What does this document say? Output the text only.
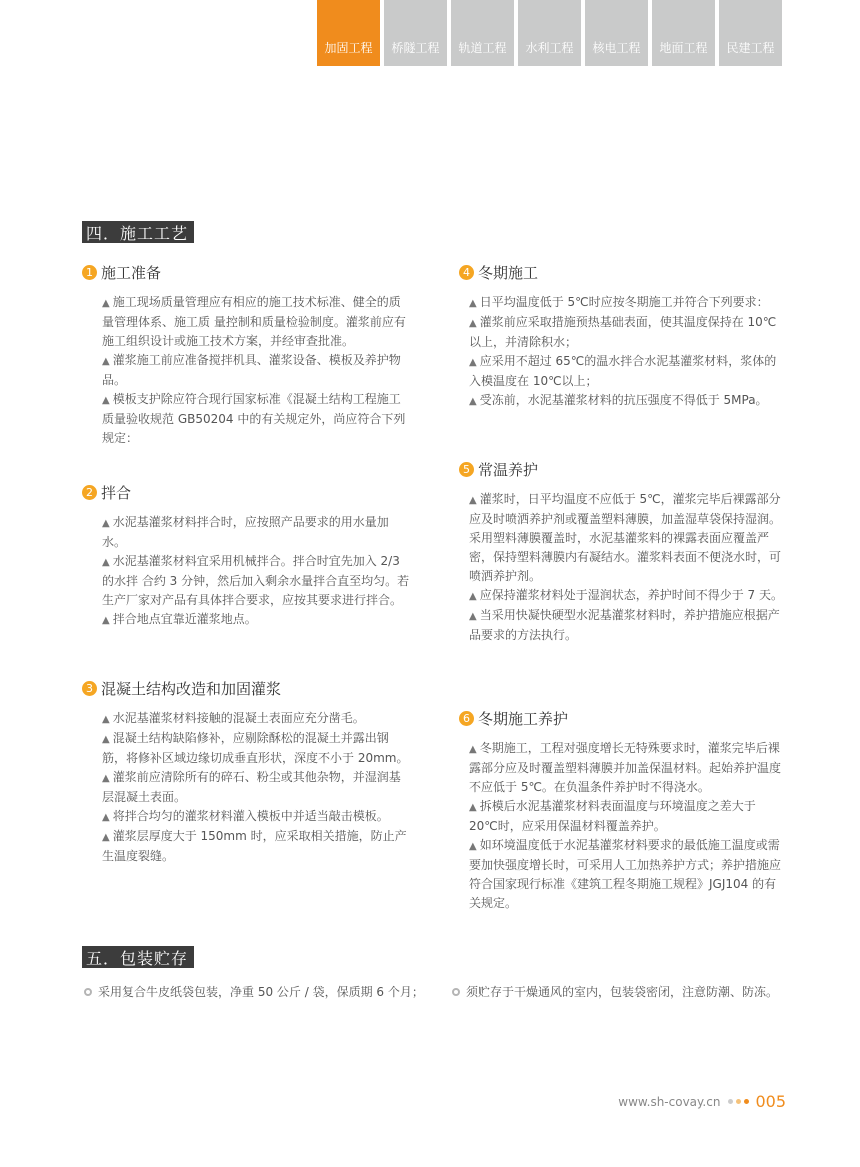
加固工程	桥隧工程	轨道工程	水利工程	核电工程	地面工程	民建工程
四．施工工艺
1 施工准备

▲ 施工现场质量管理应有相应的施工技术标准、健全的质量管理体系、施工质 量控制和质量检验制度。灌浆前应有施工组织设计或施工技术方案，并经审查批准。

▲ 灌浆施工前应准备搅拌机具、灌浆设备、模板及养护物品。

▲ 模板支护除应符合现行国家标准《混凝土结构工程施工质量验收规范 GB50204 中的有关规定外，尚应符合下列规定：

2 拌合

▲ 水泥基灌浆材料拌合时，应按照产品要求的用水量加水。

▲ 水泥基灌浆材料宜采用机械拌合。拌合时宜先加入 2/3 的水拌 合约 3 分钟，然后加入剩余水量拌合直至均匀。若生产厂家对产品有具体拌合要求，应按其要求进行拌合。

▲ 拌合地点宜靠近灌浆地点。

3 混凝土结构改造和加固灌浆

▲ 水泥基灌浆材料接触的混凝土表面应充分凿毛。

▲ 混凝土结构缺陷修补，应剔除酥松的混凝土并露出钢筋，将修补区域边缘切成垂直形状，深度不小于 20mm。

▲ 灌浆前应清除所有的碎石、粉尘或其他杂物，并湿润基层混凝土表面。

▲ 将拌合均匀的灌浆材料灌入模板中并适当敲击模板。

▲ 灌浆层厚度大于 150mm 时，应采取相关措施，防止产生温度裂缝。

4 冬期施工

▲ 日平均温度低于 5℃时应按冬期施工并符合下列要求：

▲ 灌浆前应采取措施预热基础表面，使其温度保持在 10℃以上，并清除积水；

▲ 应采用不超过 65℃的温水拌合水泥基灌浆材料，浆体的入模温度在 10℃以上；

▲ 受冻前，水泥基灌浆材料的抗压强度不得低于 5MPa。

5 常温养护

▲ 灌浆时，日平均温度不应低于 5℃，灌浆完毕后裸露部分应及时喷洒养护剂或覆盖塑料薄膜，加盖湿草袋保持湿润。采用塑料薄膜覆盖时，水泥基灌浆料的裸露表面应覆盖严密，保持塑料薄膜内有凝结水。灌浆料表面不便浇水时，可喷洒养护剂。

▲ 应保持灌浆材料处于湿润状态，养护时间不得少于 7 天。

▲ 当采用快凝快硬型水泥基灌浆材料时，养护措施应根据产品要求的方法执行。

6 冬期施工养护

▲ 冬期施工，工程对强度增长无特殊要求时，灌浆完毕后裸露部分应及时覆盖塑料薄膜并加盖保温材料。起始养护温度不应低于 5℃。在负温条件养护时不得浇水。

▲ 拆模后水泥基灌浆材料表面温度与环境温度之差大于 20℃时，应采用保温材料覆盖养护。

▲ 如环境温度低于水泥基灌浆材料要求的最低施工温度或需要加快强度增长时，可采用人工加热养护方式；养护措施应符合国家现行标准《建筑工程冬期施工规程》JGJ104 的有关规定。

五．包装贮存
采用复合牛皮纸袋包装，净重 50 公斤 / 袋，保质期 6 个月；	须贮存于干燥通风的室内，包装袋密闭，注意防潮、防冻。
www.sh-covay.cn 005
